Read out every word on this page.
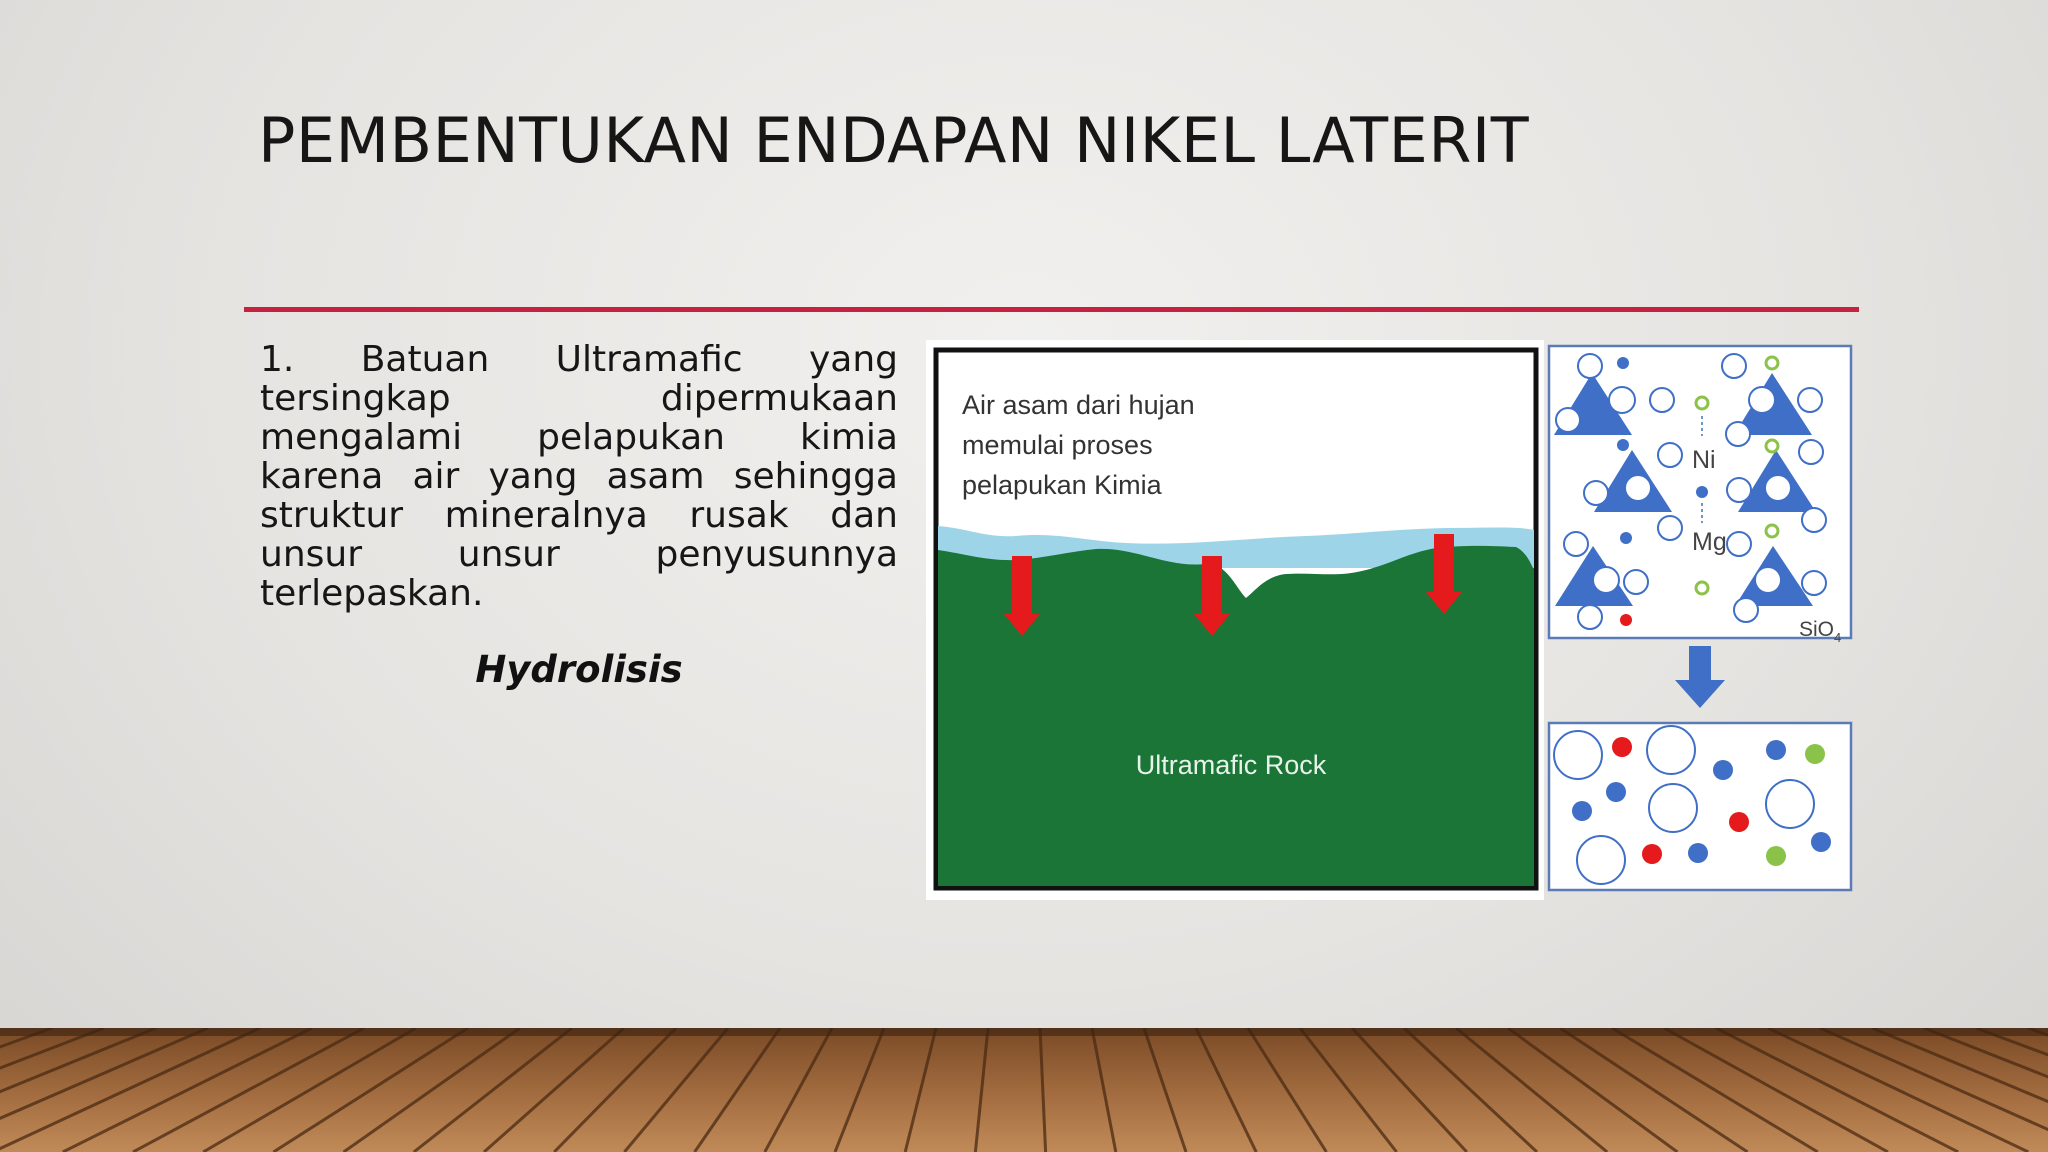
PEMBENTUKAN ENDAPAN NIKEL LATERIT
1. Batuan Ultramafic yang tersingkap dipermukaan mengalami pelapukan kimia karena air yang asam sehingga struktur mineralnya rusak dan unsur unsur penyusunnya terlepaskan.
Hydrolisis
Air asam dari hujan
memulai proses
pelapukan Kimia
Ultramafic Rock
Ni
Mg
SiO$_4$
